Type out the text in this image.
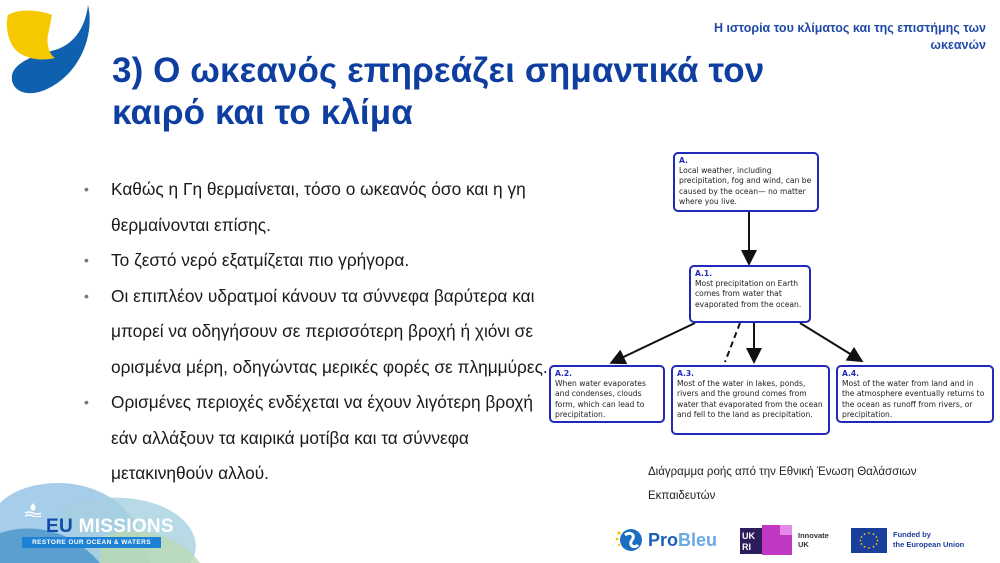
Η ιστορία του κλίματος και της επιστήμης των ωκεανών
3) Ο ωκεανός επηρεάζει σημαντικά τον καιρό και το κλίμα
• Καθώς η Γη θερμαίνεται, τόσο ο ωκεανός όσο και η γη θερμαίνονται επίσης.
• Το ζεστό νερό εξατμίζεται πιο γρήγορα.
• Οι επιπλέον υδρατμοί κάνουν τα σύννεφα βαρύτερα και μπορεί να οδηγήσουν σε περισσότερη βροχή ή χιόνι σε ορισμένα μέρη, οδηγώντας μερικές φορές σε πλημμύρες.
• Ορισμένες περιοχές ενδέχεται να έχουν λιγότερη βροχή εάν αλλάξουν τα καιρικά μοτίβα και τα σύννεφα μετακινηθούν αλλού.
A.
Local weather, including precipitation, fog and wind, can be caused by the ocean— no matter where you live.
A.1.
Most precipitation on Earth comes from water that evaporated from the ocean.
A.2.
When water evaporates and condenses, clouds form, which can lead to precipitation.
A.3.
Most of the water in lakes, ponds, rivers and the ground comes from water that evaporated from the ocean and fell to the land as precipitation.
A.4.
Most of the water from land and in the atmosphere eventually returns to the ocean as runoff from rivers, or precipitation.
Διάγραμμα ροής από την Εθνική Ένωση Θαλάσσιων Εκπαιδευτών
EU MISSIONS
RESTORE OUR OCEAN & WATERS	ProBleu	UK
RI
Innovate
UK
Funded by
the European Union
